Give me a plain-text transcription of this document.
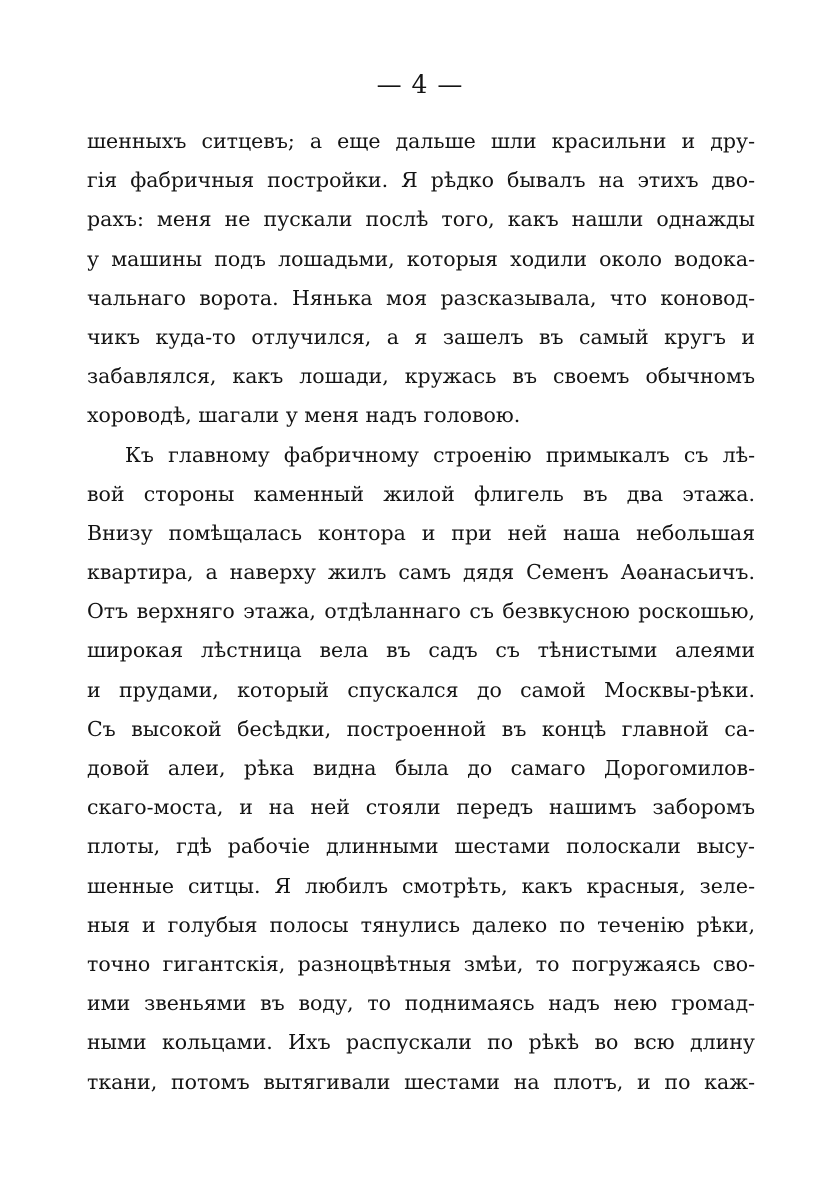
— 4 —
шенныхъ ситцевъ; а еще дальше шли красильни и дру-
гія фабричныя постройки. Я рѣдко бывалъ на этихъ дво-
рахъ: меня не пускали послѣ того, какъ нашли однажды
у машины подъ лошадьми, которыя ходили около водока-
чальнаго ворота. Нянька моя разсказывала, что коновод-
чикъ куда-то отлучился, а я зашелъ въ самый кругъ и
забавлялся, какъ лошади, кружась въ своемъ обычномъ
хороводѣ, шагали у меня надъ головою.
Къ главному фабричному строенію примыкалъ съ лѣ-
вой стороны каменный жилой флигель въ два этажа.
Внизу помѣщалась контора и при ней наша небольшая
квартира, а наверху жилъ самъ дядя Семенъ Аѳанасьичъ.
Отъ верхняго этажа, отдѣланнаго съ безвкусною роскошью,
широкая лѣстница вела въ садъ съ тѣнистыми алеями
и прудами, который спускался до самой Москвы-рѣки.
Съ высокой бесѣдки, построенной въ концѣ главной са-
довой алеи, рѣка видна была до самаго Дорогомилов-
скаго-моста, и на ней стояли передъ нашимъ заборомъ
плоты, гдѣ рабочіе длинными шестами полоскали высу-
шенные ситцы. Я любилъ смотрѣть, какъ красныя, зеле-
ныя и голубыя полосы тянулись далеко по теченію рѣки,
точно гигантскія, разноцвѣтныя змѣи, то погружаясь сво-
ими звеньями въ воду, то поднимаясь надъ нею громад-
ными кольцами. Ихъ распускали по рѣкѣ во всю длину
ткани, потомъ вытягивали шестами на плотъ, и по каж-
